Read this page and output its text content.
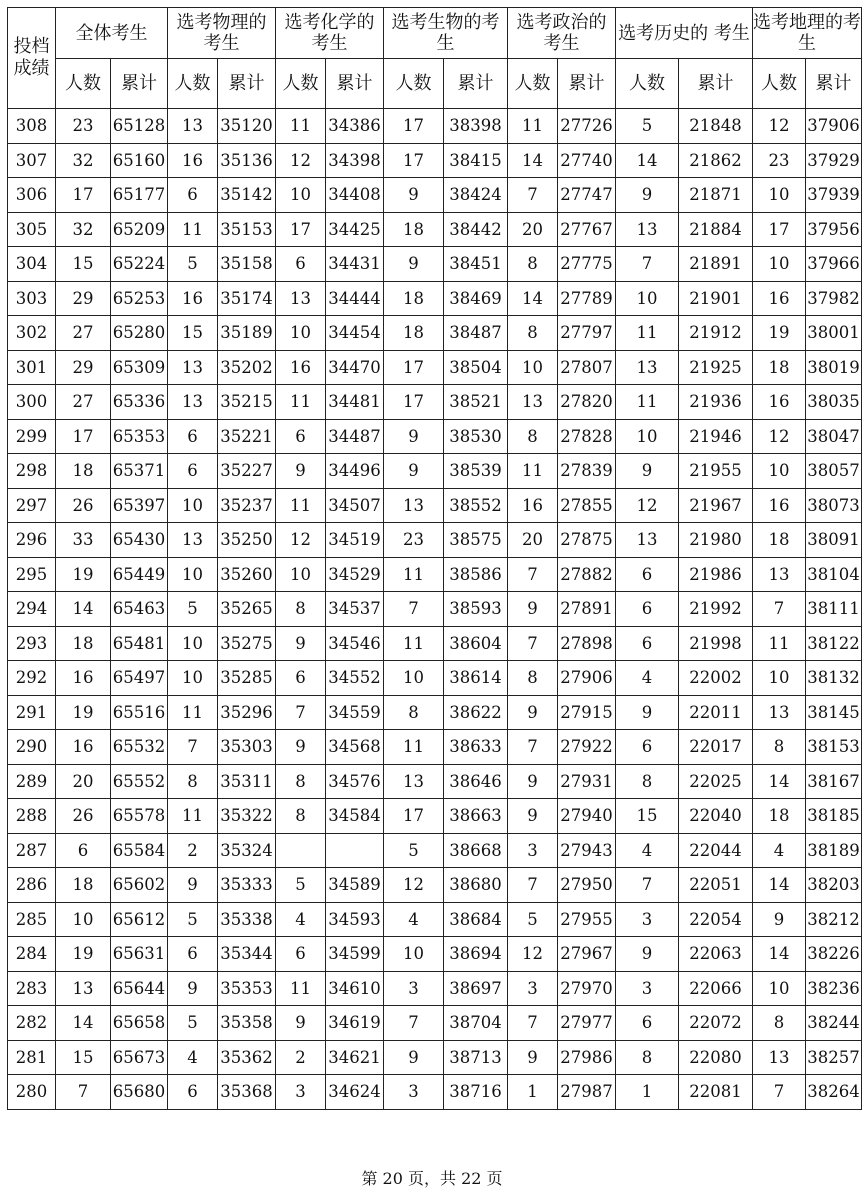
投档成绩	全体考生		选考物理的考生		选考化学的考生		选考生物的考生		选考政治的考生		选考历史的 考生		选考地理的考生	
	人数	累计	人数	累计	人数	累计	人数	累计	人数	累计	人数	累计	人数	累计
308	23	65128	13	35120	11	34386	17	38398	11	27726	5	21848	12	37906
307	32	65160	16	35136	12	34398	17	38415	14	27740	14	21862	23	37929
306	17	65177	6	35142	10	34408	9	38424	7	27747	9	21871	10	37939
305	32	65209	11	35153	17	34425	18	38442	20	27767	13	21884	17	37956
304	15	65224	5	35158	6	34431	9	38451	8	27775	7	21891	10	37966
303	29	65253	16	35174	13	34444	18	38469	14	27789	10	21901	16	37982
302	27	65280	15	35189	10	34454	18	38487	8	27797	11	21912	19	38001
301	29	65309	13	35202	16	34470	17	38504	10	27807	13	21925	18	38019
300	27	65336	13	35215	11	34481	17	38521	13	27820	11	21936	16	38035
299	17	65353	6	35221	6	34487	9	38530	8	27828	10	21946	12	38047
298	18	65371	6	35227	9	34496	9	38539	11	27839	9	21955	10	38057
297	26	65397	10	35237	11	34507	13	38552	16	27855	12	21967	16	38073
296	33	65430	13	35250	12	34519	23	38575	20	27875	13	21980	18	38091
295	19	65449	10	35260	10	34529	11	38586	7	27882	6	21986	13	38104
294	14	65463	5	35265	8	34537	7	38593	9	27891	6	21992	7	38111
293	18	65481	10	35275	9	34546	11	38604	7	27898	6	21998	11	38122
292	16	65497	10	35285	6	34552	10	38614	8	27906	4	22002	10	38132
291	19	65516	11	35296	7	34559	8	38622	9	27915	9	22011	13	38145
290	16	65532	7	35303	9	34568	11	38633	7	27922	6	22017	8	38153
289	20	65552	8	35311	8	34576	13	38646	9	27931	8	22025	14	38167
288	26	65578	11	35322	8	34584	17	38663	9	27940	15	22040	18	38185
287	6	65584	2	35324			5	38668	3	27943	4	22044	4	38189
286	18	65602	9	35333	5	34589	12	38680	7	27950	7	22051	14	38203
285	10	65612	5	35338	4	34593	4	38684	5	27955	3	22054	9	38212
284	19	65631	6	35344	6	34599	10	38694	12	27967	9	22063	14	38226
283	13	65644	9	35353	11	34610	3	38697	3	27970	3	22066	10	38236
282	14	65658	5	35358	9	34619	7	38704	7	27977	6	22072	8	38244
281	15	65673	4	35362	2	34621	9	38713	9	27986	8	22080	13	38257
280	7	65680	6	35368	3	34624	3	38716	1	27987	1	22081	7	38264
第 20 页，共 22 页
